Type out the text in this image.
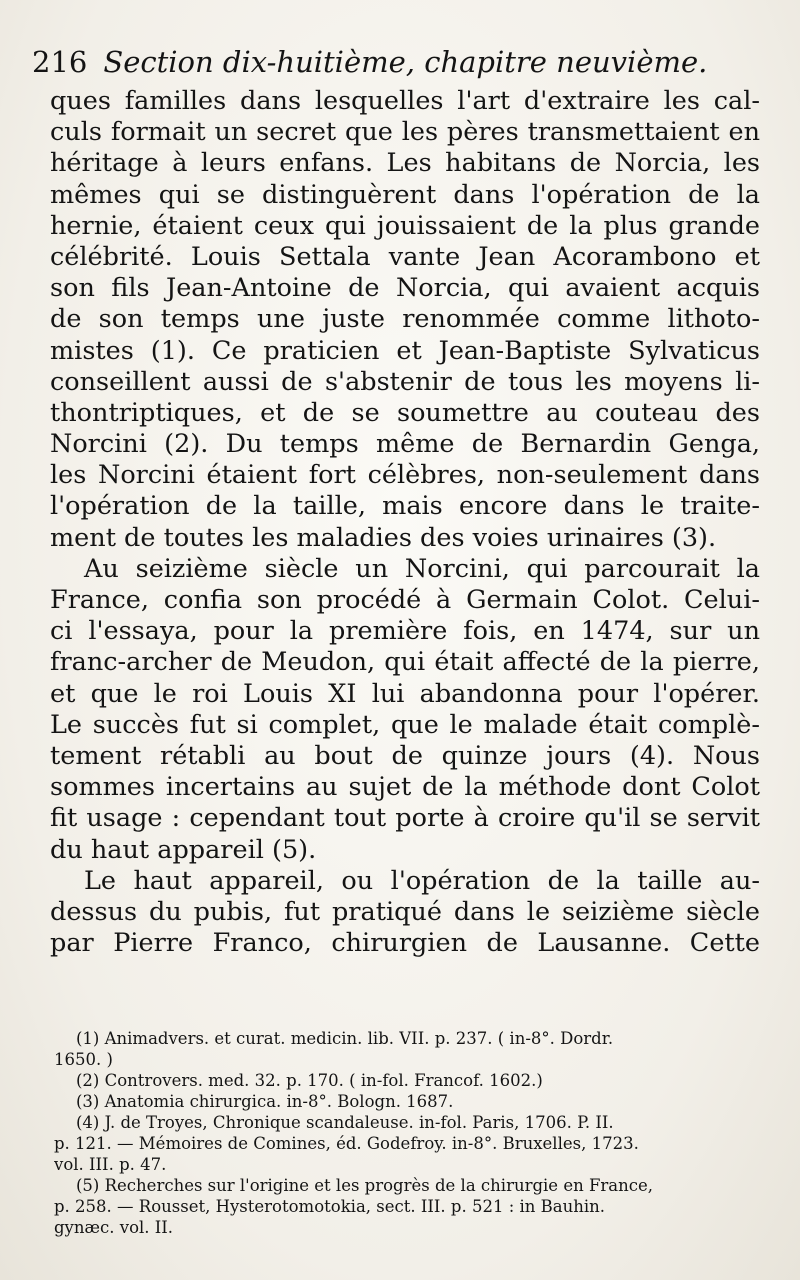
216 Section dix-huitième, chapitre neuvième.
ques familles dans lesquelles l'art d'extraire les cal-
culs formait un secret que les pères transmettaient en
héritage à leurs enfans. Les habitans de Norcia, les
mêmes qui se distinguèrent dans l'opération de la
hernie, étaient ceux qui jouissaient de la plus grande
célébrité. Louis Settala vante Jean Acorambono et
son fils Jean-Antoine de Norcia, qui avaient acquis
de son temps une juste renommée comme lithoto-
mistes (1). Ce praticien et Jean-Baptiste Sylvaticus
conseillent aussi de s'abstenir de tous les moyens li-
thontriptiques, et de se soumettre au couteau des
Norcini (2). Du temps même de Bernardin Genga,
les Norcini étaient fort célèbres, non-seulement dans
l'opération de la taille, mais encore dans le traite-
ment de toutes les maladies des voies urinaires (3).
Au seizième siècle un Norcini, qui parcourait la
France, confia son procédé à Germain Colot. Celui-
ci l'essaya, pour la première fois, en 1474, sur un
franc-archer de Meudon, qui était affecté de la pierre,
et que le roi Louis XI lui abandonna pour l'opérer.
Le succès fut si complet, que le malade était complè-
tement rétabli au bout de quinze jours (4). Nous
sommes incertains au sujet de la méthode dont Colot
fit usage : cependant tout porte à croire qu'il se servit
du haut appareil (5).
Le haut appareil, ou l'opération de la taille au-
dessus du pubis, fut pratiqué dans le seizième siècle
par Pierre Franco, chirurgien de Lausanne. Cette
(1) Animadvers. et curat. medicin. lib. VII. p. 237. ( in-8°. Dordr.
1650. )
(2) Controvers. med. 32. p. 170. ( in-fol. Francof. 1602.)
(3) Anatomia chirurgica. in-8°. Bologn. 1687.
(4) J. de Troyes, Chronique scandaleuse. in-fol. Paris, 1706. P. II.
p. 121. — Mémoires de Comines, éd. Godefroy. in-8°. Bruxelles, 1723.
vol. III. p. 47.
(5) Recherches sur l'origine et les progrès de la chirurgie en France,
p. 258. — Rousset, Hysterotomotokia, sect. III. p. 521 : in Bauhin.
gynæc. vol. II.
